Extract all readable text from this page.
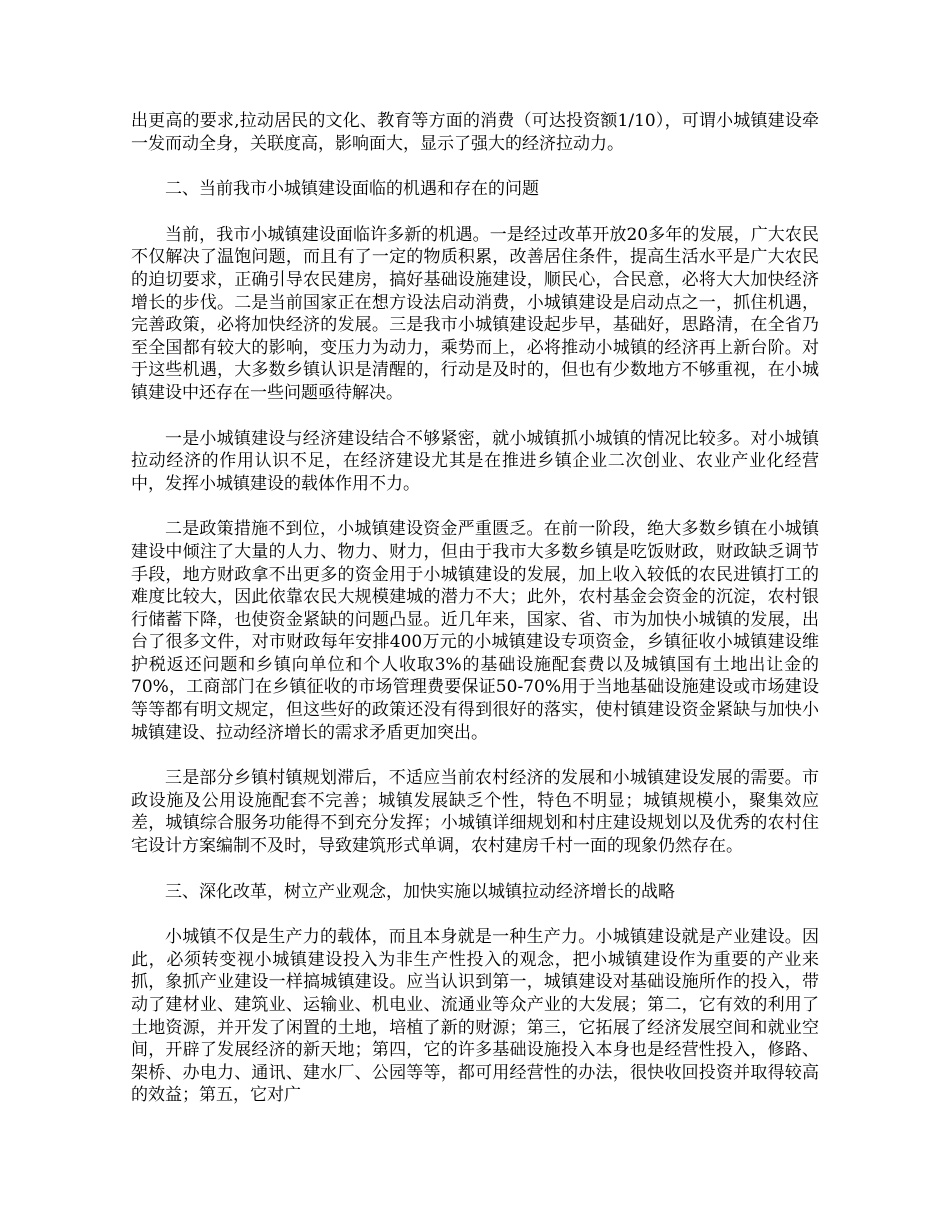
出更高的要求,拉动居民的文化、教育等方面的消费（可达投资额1/10），可谓小城镇建设牵一发而动全身，关联度高，影响面大，显示了强大的经济拉动力。

二、当前我市小城镇建设面临的机遇和存在的问题

当前，我市小城镇建设面临许多新的机遇。一是经过改革开放20多年的发展，广大农民不仅解决了温饱问题，而且有了一定的物质积累，改善居住条件，提高生活水平是广大农民的迫切要求，正确引导农民建房，搞好基础设施建设，顺民心，合民意，必将大大加快经济增长的步伐。二是当前国家正在想方设法启动消费，小城镇建设是启动点之一，抓住机遇，完善政策，必将加快经济的发展。三是我市小城镇建设起步早，基础好，思路清，在全省乃至全国都有较大的影响，变压力为动力，乘势而上，必将推动小城镇的经济再上新台阶。对于这些机遇，大多数乡镇认识是清醒的，行动是及时的，但也有少数地方不够重视，在小城镇建设中还存在一些问题亟待解决。

一是小城镇建设与经济建设结合不够紧密，就小城镇抓小城镇的情况比较多。对小城镇拉动经济的作用认识不足，在经济建设尤其是在推进乡镇企业二次创业、农业产业化经营中，发挥小城镇建设的载体作用不力。

二是政策措施不到位，小城镇建设资金严重匮乏。在前一阶段，绝大多数乡镇在小城镇建设中倾注了大量的人力、物力、财力，但由于我市大多数乡镇是吃饭财政，财政缺乏调节手段，地方财政拿不出更多的资金用于小城镇建设的发展，加上收入较低的农民进镇打工的难度比较大，因此依靠农民大规模建城的潜力不大；此外，农村基金会资金的沉淀，农村银行储蓄下降，也使资金紧缺的问题凸显。近几年来，国家、省、市为加快小城镇的发展，出台了很多文件，对市财政每年安排400万元的小城镇建设专项资金，乡镇征收小城镇建设维护税返还问题和乡镇向单位和个人收取3%的基础设施配套费以及城镇国有土地出让金的70%，工商部门在乡镇征收的市场管理费要保证50-70%用于当地基础设施建设或市场建设等等都有明文规定，但这些好的政策还没有得到很好的落实，使村镇建设资金紧缺与加快小城镇建设、拉动经济增长的需求矛盾更加突出。

三是部分乡镇村镇规划滞后，不适应当前农村经济的发展和小城镇建设发展的需要。市政设施及公用设施配套不完善；城镇发展缺乏个性，特色不明显；城镇规模小，聚集效应差，城镇综合服务功能得不到充分发挥；小城镇详细规划和村庄建设规划以及优秀的农村住宅设计方案编制不及时，导致建筑形式单调，农村建房千村一面的现象仍然存在。

三、深化改革，树立产业观念，加快实施以城镇拉动经济增长的战略

小城镇不仅是生产力的载体，而且本身就是一种生产力。小城镇建设就是产业建设。因此，必须转变视小城镇建设投入为非生产性投入的观念，把小城镇建设作为重要的产业来抓，象抓产业建设一样搞城镇建设。应当认识到第一，城镇建设对基础设施所作的投入，带动了建材业、建筑业、运输业、机电业、流通业等众产业的大发展；第二，它有效的利用了土地资源，并开发了闲置的土地，培植了新的财源；第三，它拓展了经济发展空间和就业空间，开辟了发展经济的新天地；第四，它的许多基础设施投入本身也是经营性投入，修路、架桥、办电力、通讯、建水厂、公园等等，都可用经营性的办法，很快收回投资并取得较高的效益；第五，它对广
